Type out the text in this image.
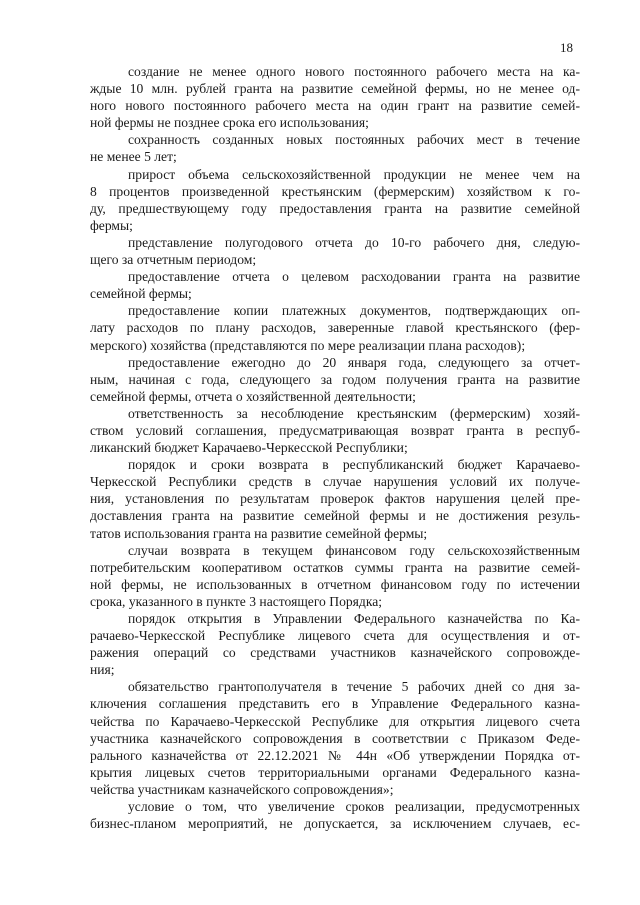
18

создание не менее одного нового постоянного рабочего места на ка-
ждые 10 млн. рублей гранта на развитие семейной фермы, но не менее од-
ного нового постоянного рабочего места на один грант на развитие семей-
ной фермы не позднее срока его использования;

сохранность созданных новых постоянных рабочих мест в течение
не менее 5 лет;

прирост объема сельскохозяйственной продукции не менее чем на
8 процентов произведенной крестьянским (фермерским) хозяйством к го-
ду, предшествующему году предоставления гранта на развитие семейной
фермы;

представление полугодового отчета до 10-го рабочего дня, следую-
щего за отчетным периодом;

предоставление отчета о целевом расходовании гранта на развитие
семейной фермы;

предоставление копии платежных документов, подтверждающих оп-
лату расходов по плану расходов, заверенные главой крестьянского (фер-
мерского) хозяйства (представляются по мере реализации плана расходов);

предоставление ежегодно до 20 января года, следующего за отчет-
ным, начиная с года, следующего за годом получения гранта на развитие
семейной фермы, отчета о хозяйственной деятельности;

ответственность за несоблюдение крестьянским (фермерским) хозяй-
ством условий соглашения, предусматривающая возврат гранта в респуб-
ликанский бюджет Карачаево-Черкесской Республики;

порядок и сроки возврата в республиканский бюджет Карачаево-
Черкесской Республики средств в случае нарушения условий их получе-
ния, установления по результатам проверок фактов нарушения целей пре-
доставления гранта на развитие семейной фермы и не достижения резуль-
татов использования гранта на развитие семейной фермы;

случаи возврата в текущем финансовом году сельскохозяйственным
потребительским кооперативом остатков суммы гранта на развитие семей-
ной фермы, не использованных в отчетном финансовом году по истечении
срока, указанного в пункте 3 настоящего Порядка;

порядок открытия в Управлении Федерального казначейства по Ка-
рачаево-Черкесской Республике лицевого счета для осуществления и от-
ражения операций со средствами участников казначейского сопровожде-
ния;

обязательство грантополучателя в течение 5 рабочих дней со дня за-
ключения соглашения представить его в Управление Федерального казна-
чейства по Карачаево-Черкесской Республике для открытия лицевого счета
участника казначейского сопровождения в соответствии с Приказом Феде-
рального казначейства от 22.12.2021 № 44н «Об утверждении Порядка от-
крытия лицевых счетов территориальными органами Федерального казна-
чейства участникам казначейского сопровождения»;

условие о том, что увеличение сроков реализации, предусмотренных
бизнес-планом мероприятий, не допускается, за исключением случаев, ес-
